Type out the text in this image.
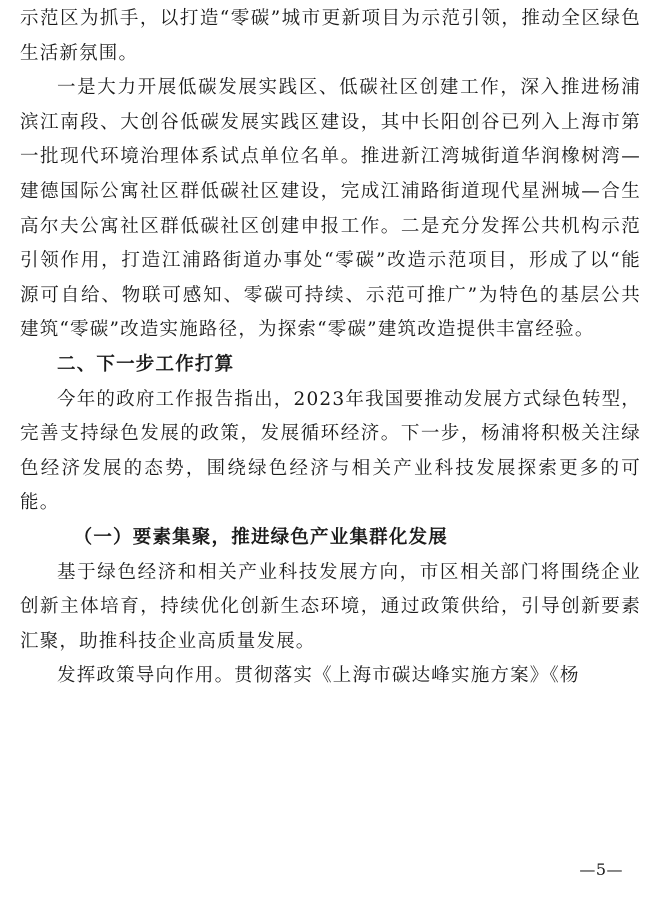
示范区为抓手，以打造“零碳”城市更新项目为示范引领，推动全区绿色生活新氛围。

一是大力开展低碳发展实践区、低碳社区创建工作，深入推进杨浦滨江南段、大创谷低碳发展实践区建设，其中长阳创谷已列入上海市第一批现代环境治理体系试点单位名单。推进新江湾城街道华润橡树湾—建德国际公寓社区群低碳社区建设，完成江浦路街道现代星洲城—合生高尔夫公寓社区群低碳社区创建申报工作。二是充分发挥公共机构示范引领作用，打造江浦路街道办事处“零碳”改造示范项目，形成了以“能源可自给、物联可感知、零碳可持续、示范可推广”为特色的基层公共建筑“零碳”改造实施路径，为探索“零碳”建筑改造提供丰富经验。

二、下一步工作打算

今年的政府工作报告指出，2023年我国要推动发展方式绿色转型，完善支持绿色发展的政策，发展循环经济。下一步，杨浦将积极关注绿色经济发展的态势，围绕绿色经济与相关产业科技发展探索更多的可能。

（一）要素集聚，推进绿色产业集群化发展

基于绿色经济和相关产业科技发展方向，市区相关部门将围绕企业创新主体培育，持续优化创新生态环境，通过政策供给，引导创新要素汇聚，助推科技企业高质量发展。

发挥政策导向作用。贯彻落实《上海市碳达峰实施方案》《杨

—5—
